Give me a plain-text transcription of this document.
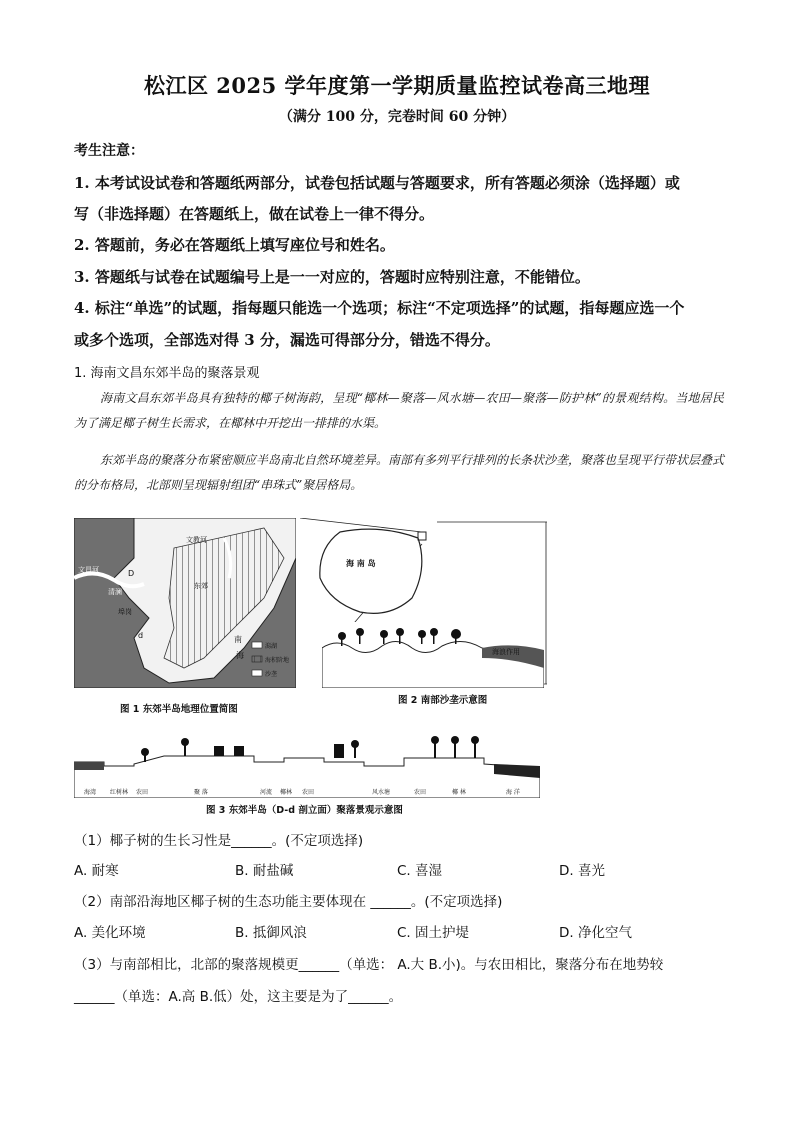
松江区 2025 学年度第一学期质量监控试卷高三地理
（满分 100 分，完卷时间 60 分钟）
考生注意：
1. 本考试设试卷和答题纸两部分，试卷包括试题与答题要求，所有答题必须涂（选择题）或
写（非选择题）在答题纸上，做在试卷上一律不得分。
2. 答题前，务必在答题纸上填写座位号和姓名。
3. 答题纸与试卷在试题编号上是一一对应的，答题时应特别注意，不能错位。
4. 标注“单选”的试题，指每题只能选一个选项；标注“不定项选择”的试题，指每题应选一个
或多个选项，全部选对得 3 分，漏选可得部分分，错选不得分。
1. 海南文昌东郊半岛的聚落景观
海南文昌东郊半岛具有独特的椰子树海韵，呈现“椰林—聚落—风水塘—农田—聚落—防护林”的景观结构。当地居民为了满足椰子树生长需求，在椰林中开挖出一排排的水渠。
东郊半岛的聚落分布紧密顺应半岛南北自然环境差异。南部有多列平行排列的长条状沙垄，聚落也呈现平行带状层叠式的分布格局，北部则呈现辐射组团“串珠式”聚居格局。
文教河
文昌河	D
d
清澜
东郊
埠岗
南
海
潟湖
海积阶地
沙垄
图 1 东郊半岛地理位置简图
海 南 岛
海浪作用
图 2 南部沙垄示意图
海湾 红树林 农田	聚 落	河流 椰林 农田	风水塘	农田	椰 林	海 洋
图 3 东郊半岛（D-d 剖立面）聚落景观示意图
（1）椰子树的生长习性是______。(不定项选择)
A. 耐寒	B. 耐盐碱	C. 喜湿	D. 喜光
（2）南部沿海地区椰子树的生态功能主要体现在 ______。(不定项选择)
A. 美化环境	B. 抵御风浪	C. 固土护堤	D. 净化空气
（3）与南部相比，北部的聚落规模更______（单选： A.大 B.小)。与农田相比，聚落分布在地势较
______（单选：A.高 B.低）处，这主要是为了______。
